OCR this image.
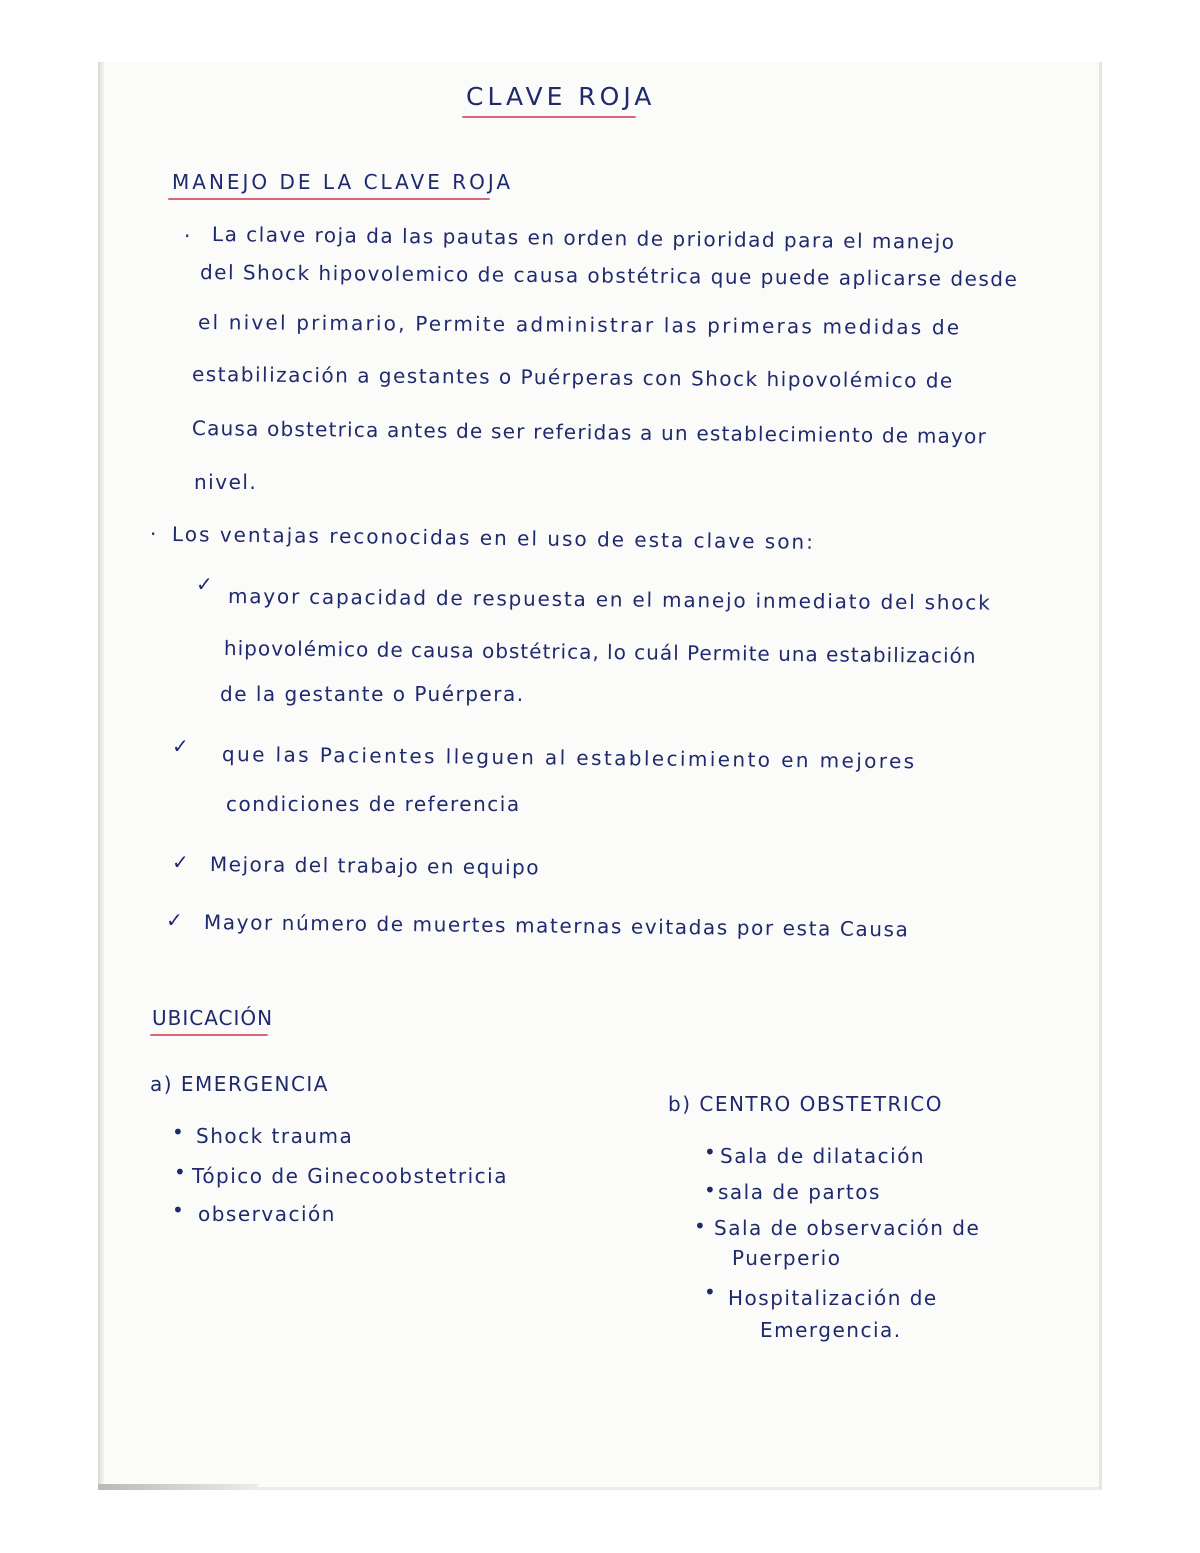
CLAVE ROJA
MANEJO DE LA CLAVE ROJA
. La clave roja da las pautas en orden de prioridad para el manejo
del Shock hipovolemico de causa obstétrica que puede aplicarse desde
el nivel primario, Permite administrar las primeras medidas de
estabilización a gestantes o Puérperas con Shock hipovolémico de
Causa obstetrica antes de ser referidas a un establecimiento de mayor
nivel.
. Los ventajas reconocidas en el uso de esta clave son:
✓
mayor capacidad de respuesta en el manejo inmediato del shock
hipovolémico de causa obstétrica, lo cuál Permite una estabilización
de la gestante o Puérpera.
✓ que las Pacientes lleguen al establecimiento en mejores
condiciones de referencia
✓ Mejora del trabajo en equipo
✓ Mayor número de muertes maternas evitadas por esta Causa
UBICACIÓN
a) EMERGENCIA
• Shock trauma
• Tópico de Ginecoobstetricia
• observación
b) CENTRO OBSTETRICO
• Sala de dilatación
• sala de partos
• Sala de observación de
Puerperio
• Hospitalización de
Emergencia.
